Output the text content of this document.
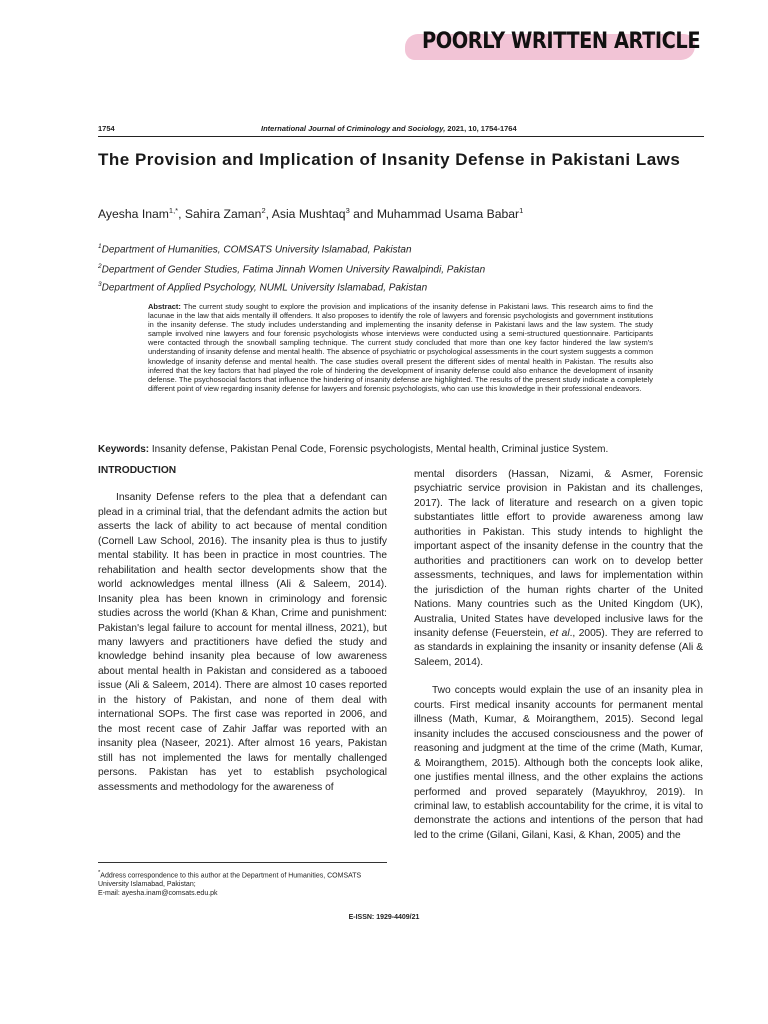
POORLY WRITTEN ARTICLE
1754	International Journal of Criminology and Sociology, 2021, 10, 1754-1764
The Provision and Implication of Insanity Defense in Pakistani Laws
Ayesha Inam$^{1,*}$, Sahira Zaman$^2$, Asia Mushtaq$^3$ and Muhammad Usama Babar$^1$
$^1$Department of Humanities, COMSATS University Islamabad, Pakistan
$^2$Department of Gender Studies, Fatima Jinnah Women University Rawalpindi, Pakistan
$^3$Department of Applied Psychology, NUML University Islamabad, Pakistan

Abstract: The current study sought to explore the provision and implications of the insanity defense in Pakistani laws. This research aims to find the lacunae in the law that aids mentally ill offenders. It also proposes to identify the role of lawyers and forensic psychologists and government institutions in the insanity defense. The study includes understanding and implementing the insanity defense in Pakistani laws and the law system. The study sample involved nine lawyers and four forensic psychologists whose interviews were conducted using a semi-structured questionnaire. Participants were contacted through the snowball sampling technique. The current study concluded that more than one key factor hindered the law system's understanding of insanity defense and mental health. The absence of psychiatric or psychological assessments in the court system suggests a common knowledge of insanity defense and mental health. The case studies overall present the different sides of mental health in Pakistan. The results also inferred that the key factors that had played the role of hindering the development of insanity defense could also enhance the development of insanity defense. The psychosocial factors that influence the hindering of insanity defense are highlighted. The results of the present study indicate a completely different point of view regarding insanity defense for lawyers and forensic psychologists, who can use this knowledge in their professional endeavors.

Keywords: Insanity defense, Pakistan Penal Code, Forensic psychologists, Mental health, Criminal justice System.

INTRODUCTION

Insanity Defense refers to the plea that a defendant can plead in a criminal trial, that the defendant admits the action but asserts the lack of ability to act because of mental condition (Cornell Law School, 2016). The insanity plea is thus to justify mental stability. It has been in practice in most countries. The rehabilitation and health sector developments show that the world acknowledges mental illness (Ali & Saleem, 2014). Insanity plea has been known in criminology and forensic studies across the world (Khan & Khan, Crime and punishment: Pakistan's legal failure to account for mental illness, 2021), but many lawyers and practitioners have defied the study and knowledge behind insanity plea because of low awareness about mental health in Pakistan and considered as a tabooed issue (Ali & Saleem, 2014). There are almost 10 cases reported in the history of Pakistan, and none of them deal with international SOPs. The first case was reported in 2006, and the most recent case of Zahir Jaffar was reported with an insanity plea (Naseer, 2021). After almost 16 years, Pakistan still has not implemented the laws for mentally challenged persons. Pakistan has yet to establish psychological assessments and methodology for the awareness of

mental disorders (Hassan, Nizami, & Asmer, Forensic psychiatric service provision in Pakistan and its challenges, 2017). The lack of literature and research on a given topic substantiates little effort to provide awareness among law authorities in Pakistan. This study intends to highlight the important aspect of the insanity defense in the country that the authorities and practitioners can work on to develop better assessments, techniques, and laws for implementation within the jurisdiction of the human rights charter of the United Nations. Many countries such as the United Kingdom (UK), Australia, United States have developed inclusive laws for the insanity defense (Feuerstein, et al., 2005). They are referred to as standards in explaining the insanity or insanity defense (Ali & Saleem, 2014).

Two concepts would explain the use of an insanity plea in courts. First medical insanity accounts for permanent mental illness (Math, Kumar, & Moirangthem, 2015). Second legal insanity includes the accused consciousness and the power of reasoning and judgment at the time of the crime (Math, Kumar, & Moirangthem, 2015). Although both the concepts look alike, one justifies mental illness, and the other explains the actions performed and proved separately (Mayukhroy, 2019). In criminal law, to establish accountability for the crime, it is vital to demonstrate the actions and intentions of the person that had led to the crime (Gilani, Gilani, Kasi, & Khan, 2005) and the

*Address correspondence to this author at the Department of Humanities, COMSATS University Islamabad, Pakistan;
E-mail: ayesha.inam@comsats.edu.pk
E-ISSN: 1929-4409/21
